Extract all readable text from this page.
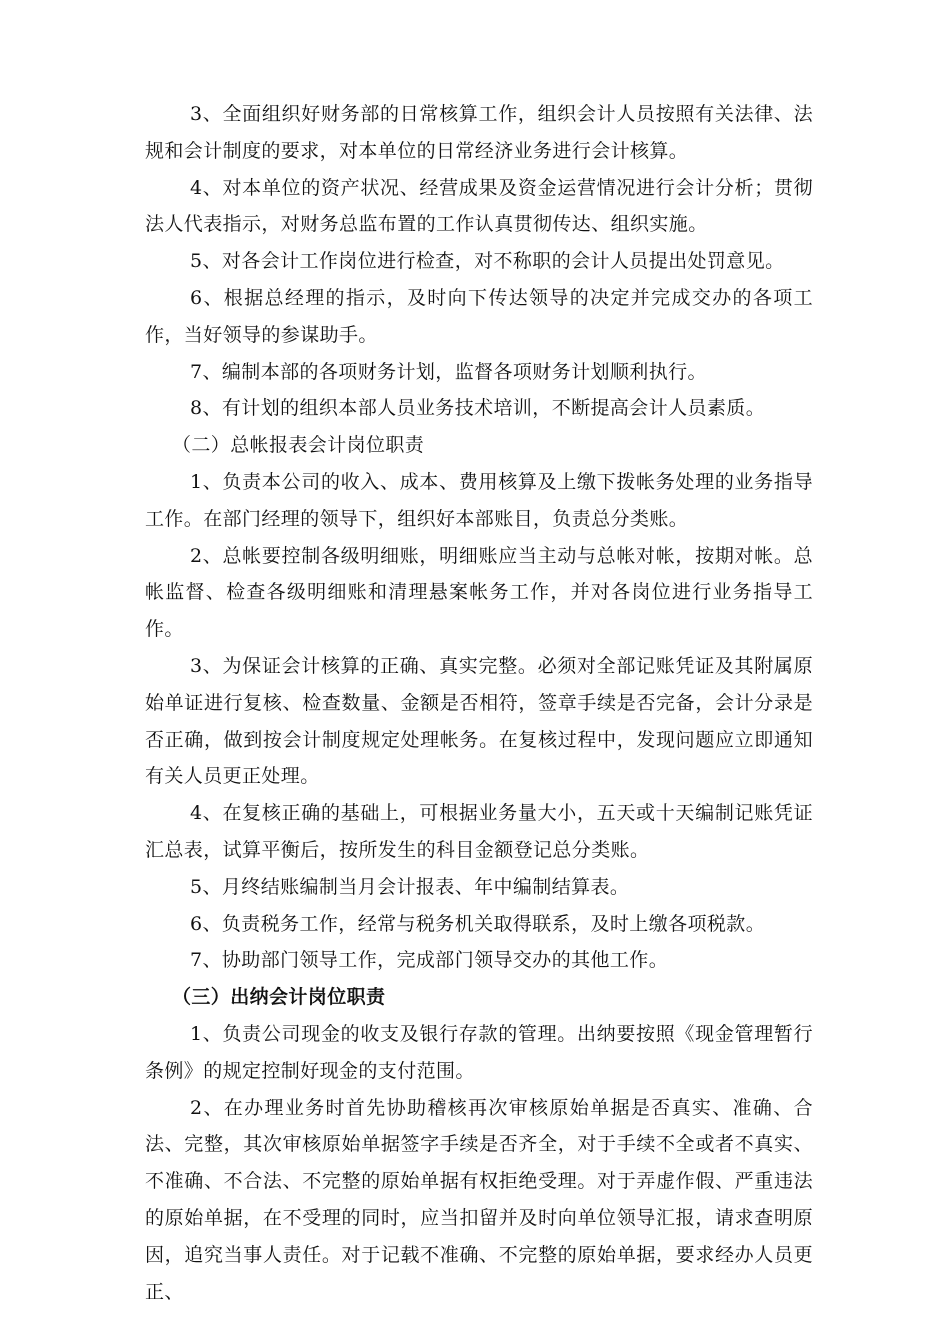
3、全面组织好财务部的日常核算工作，组织会计人员按照有关法律、法规和会计制度的要求，对本单位的日常经济业务进行会计核算。

4、对本单位的资产状况、经营成果及资金运营情况进行会计分析；贯彻法人代表指示，对财务总监布置的工作认真贯彻传达、组织实施。

5、对各会计工作岗位进行检查，对不称职的会计人员提出处罚意见。

6、根据总经理的指示，及时向下传达领导的决定并完成交办的各项工作，当好领导的参谋助手。

7、编制本部的各项财务计划，监督各项财务计划顺利执行。

8、有计划的组织本部人员业务技术培训，不断提高会计人员素质。

（二）总帐报表会计岗位职责

1、负责本公司的收入、成本、费用核算及上缴下拨帐务处理的业务指导工作。在部门经理的领导下，组织好本部账目，负责总分类账。

2、总帐要控制各级明细账，明细账应当主动与总帐对帐，按期对帐。总帐监督、检查各级明细账和清理悬案帐务工作，并对各岗位进行业务指导工作。

3、为保证会计核算的正确、真实完整。必须对全部记账凭证及其附属原始单证进行复核、检查数量、金额是否相符，签章手续是否完备，会计分录是否正确，做到按会计制度规定处理帐务。在复核过程中，发现问题应立即通知有关人员更正处理。

4、在复核正确的基础上，可根据业务量大小，五天或十天编制记账凭证汇总表，试算平衡后，按所发生的科目金额登记总分类账。

5、月终结账编制当月会计报表、年中编制结算表。

6、负责税务工作，经常与税务机关取得联系，及时上缴各项税款。

7、协助部门领导工作，完成部门领导交办的其他工作。

（三）出纳会计岗位职责

1、负责公司现金的收支及银行存款的管理。出纳要按照《现金管理暂行条例》的规定控制好现金的支付范围。

2、在办理业务时首先协助稽核再次审核原始单据是否真实、准确、合法、完整，其次审核原始单据签字手续是否齐全，对于手续不全或者不真实、不准确、不合法、不完整的原始单据有权拒绝受理。对于弄虚作假、严重违法的原始单据，在不受理的同时，应当扣留并及时向单位领导汇报，请求查明原因，追究当事人责任。对于记载不准确、不完整的原始单据，要求经办人员更正、
